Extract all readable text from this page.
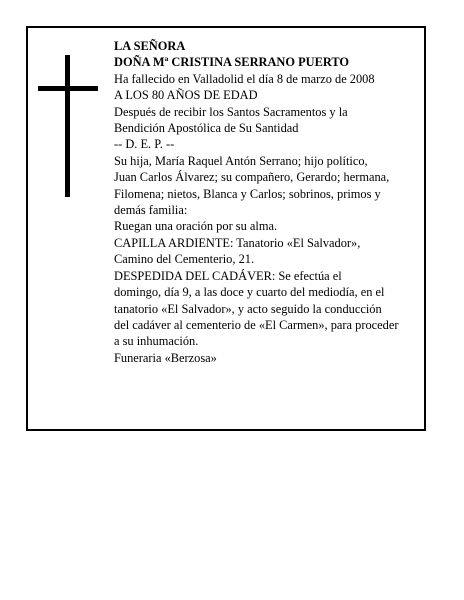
LA SEÑORA
DOÑA Mª CRISTINA SERRANO PUERTO
Ha fallecido en Valladolid el día 8 de marzo de 2008
A LOS 80 AÑOS DE EDAD
Después de recibir los Santos Sacramentos y la
Bendición Apostólica de Su Santidad
-- D. E. P. --
Su hija, María Raquel Antón Serrano; hijo político,
Juan Carlos Álvarez; su compañero, Gerardo; hermana,
Filomena; nietos, Blanca y Carlos; sobrinos, primos y
demás familia:
Ruegan una oración por su alma.
CAPILLA ARDIENTE: Tanatorio «El Salvador»,
Camino del Cementerio, 21.
DESPEDIDA DEL CADÁVER: Se efectúa el
domingo, día 9, a las doce y cuarto del mediodía, en el
tanatorio «El Salvador», y acto seguido la conducción
del cadáver al cementerio de «El Carmen», para proceder
a su inhumación.
Funeraria «Berzosa»
